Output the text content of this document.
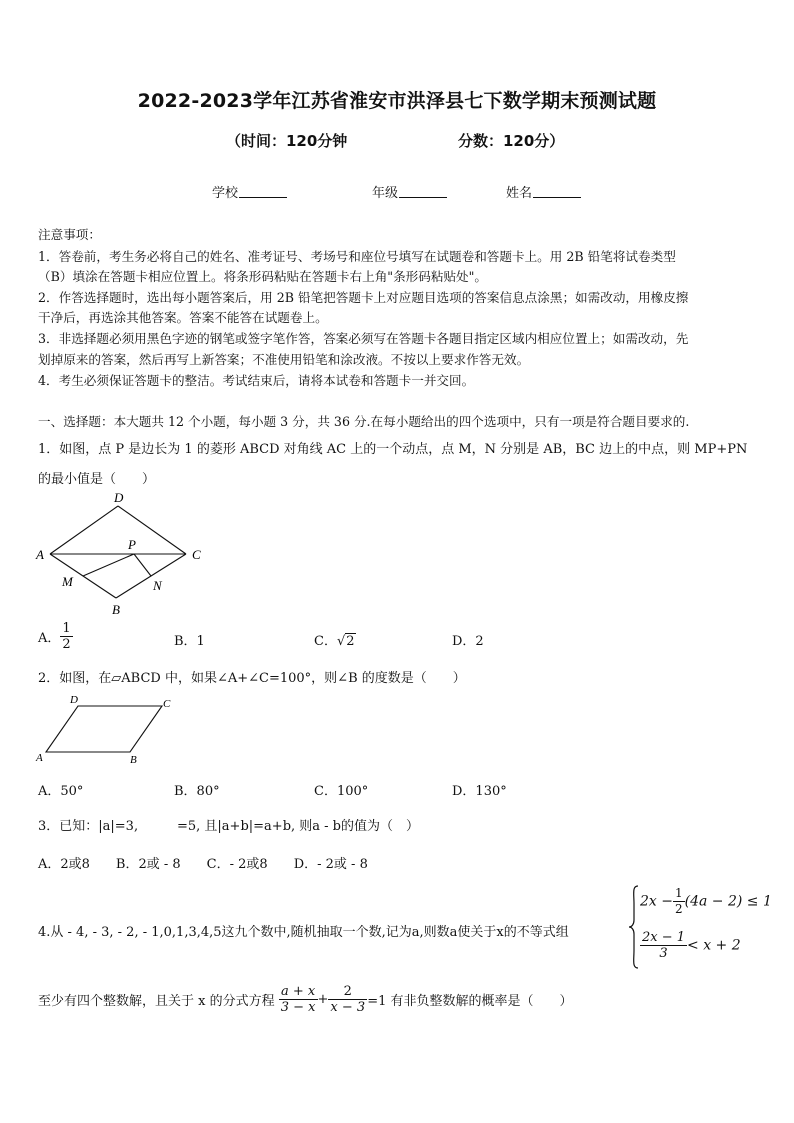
2022-2023学年江苏省淮安市洪泽县七下数学期末预测试题
（时间：120分钟	分数：120分）
学校	年级	姓名
注意事项：
1．答卷前，考生务必将自己的姓名、准考证号、考场号和座位号填写在试题卷和答题卡上。用 2B 铅笔将试卷类型
（B）填涂在答题卡相应位置上。将条形码粘贴在答题卡右上角"条形码粘贴处"。
2．作答选择题时，选出每小题答案后，用 2B 铅笔把答题卡上对应题目选项的答案信息点涂黑；如需改动，用橡皮擦
干净后，再选涂其他答案。答案不能答在试题卷上。
3．非选择题必须用黑色字迹的钢笔或签字笔作答，答案必须写在答题卡各题目指定区域内相应位置上；如需改动，先
划掉原来的答案，然后再写上新答案；不准使用铅笔和涂改液。不按以上要求作答无效。
4．考生必须保证答题卡的整洁。考试结束后，请将本试卷和答题卡一并交回。
一、选择题：本大题共 12 个小题，每小题 3 分，共 36 分.在每小题给出的四个选项中，只有一项是符合题目要求的.
1．如图，点 P 是边长为 1 的菱形 ABCD 对角线 AC 上的一个动点，点 M，N 分别是 AB，BC 边上的中点，则 MP+PN
的最小值是（　　）
D
A
P
C
M	N
B
A． $\frac{1}{2}$	B．1	C．√2	D．2
2．如图，在▱ABCD 中，如果∠A+∠C=100°，则∠B 的度数是（　　）
D	C
A	B
A．50°	B．80°	C．100°	D．130°
3．已知：|a|=3,	=5, 且|a+b|=a+b, 则a - b的值为（　）
A．2或8　　B．2或 - 8　　C．- 2或8　　D．- 2或 - 8
4.从 - 4, - 3, - 2, - 1,0,1,3,4,5这九个数中,随机抽取一个数,记为a,则数a使关于x的不等式组
$2x - \frac{1}{2} (4a - 2) \le 1$
$\frac{2x - 1}{3} < x + 2$
至少有四个整数解，且关于 x 的分式方程 $\frac{a + x}{3 - x} + \frac{2}{x - 3} =1$ 有非负整数解的概率是（　　）
